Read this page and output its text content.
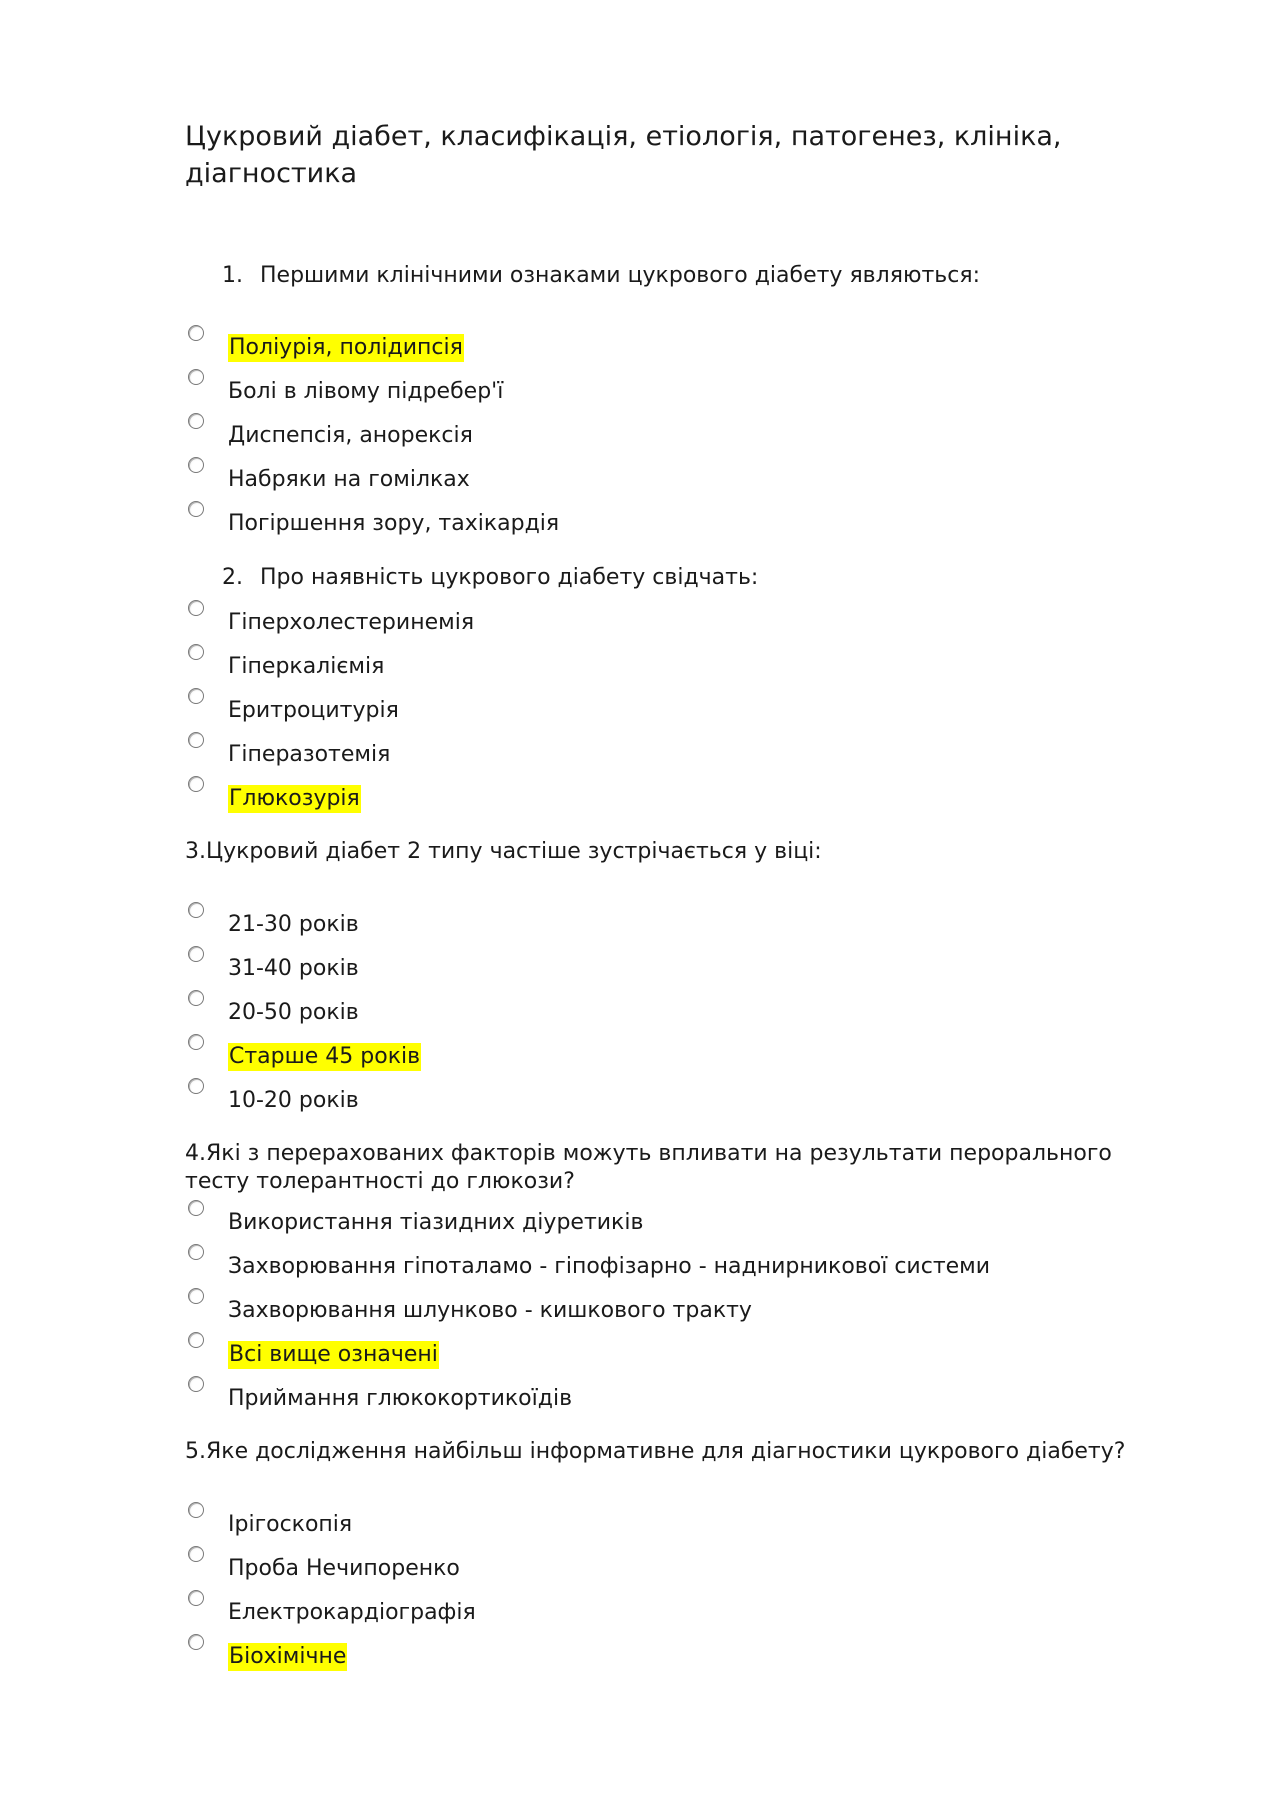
Цукровий діабет, класифікація, етіологія, патогенез, клініка, діагностика

1. Першими клінічними ознаками цукрового діабету являються:

Поліурія, полідипсія
Болі в лівому підребер'ї
Диспепсія, анорексія
Набряки на гомілках
Погіршення зору, тахікардія

2. Про наявність цукрового діабету свідчать:

Гіперхолестеринемія
Гіперкаліємія
Еритроцитурія
Гіперазотемія
Глюкозурія

3.Цукровий діабет 2 типу частіше зустрічається у віці:

21-30 років
31-40 років
20-50 років
Старше 45 років
10-20 років

4.Які з перерахованих факторів можуть впливати на результати перорального тесту толерантності до глюкози?

Використання тіазидних діуретиків
Захворювання гіпоталамо - гіпофізарно - наднирникової системи
Захворювання шлунково - кишкового тракту
Всі вище означені
Приймання глюкокортикоїдів

5.Яке дослідження найбільш інформативне для діагностики цукрового діабету?

Ірігоскопія
Проба Нечипоренко
Електрокардіографія
Біохімічне
